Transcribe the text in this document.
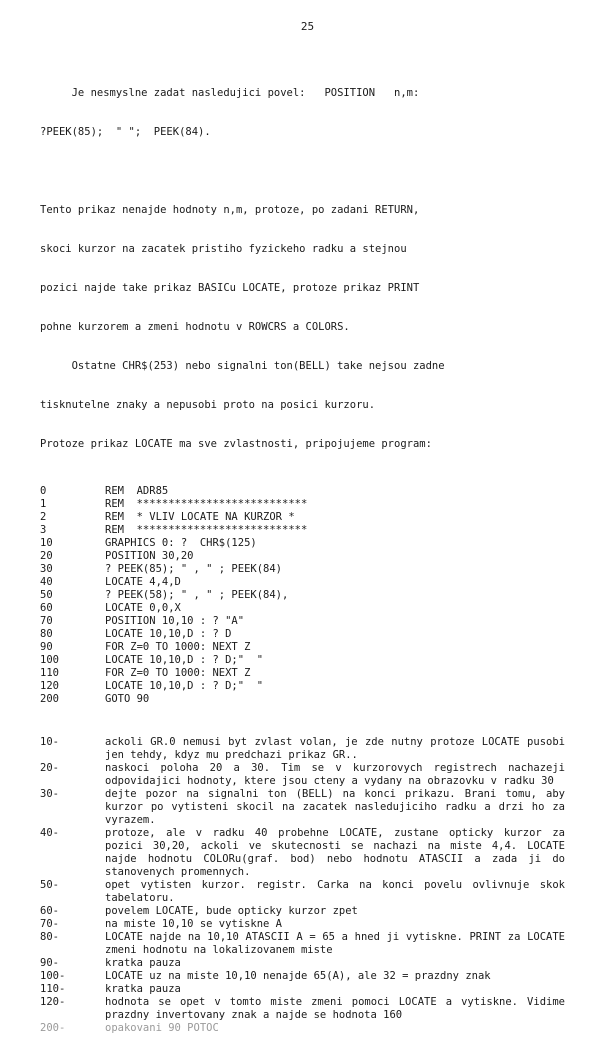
25

Je nesmyslne zadat nasledujici povel:   POSITION   n,m:

?PEEK(85);  " ";  PEEK(84).

Tento prikaz nenajde hodnoty n,m, protoze, po zadani RETURN,

skoci kurzor na zacatek pristiho fyzickeho radku a stejnou

pozici najde take prikaz BASICu LOCATE, protoze prikaz PRINT

pohne kurzorem a zmeni hodnotu v ROWCRS a COLORS.

Ostatne CHR$(253) nebo signalni ton(BELL) take nejsou zadne

tisknutelne znaky a nepusobi proto na posici kurzoru.

Protoze prikaz LOCATE ma sve zvlastnosti, pripojujeme program:

0	REM  ADR85
1	REM  ***************************
2	REM  * VLIV LOCATE NA KURZOR *
3	REM  ***************************
10	GRAPHICS 0: ?  CHR$(125)
20	POSITION 30,20
30	? PEEK(85); " , " ; PEEK(84)
40	LOCATE 4,4,D
50	? PEEK(58); " , " ; PEEK(84),
60	LOCATE 0,0,X
70	POSITION 10,10 : ? "A"
80	LOCATE 10,10,D : ? D
90	FOR Z=0 TO 1000: NEXT Z
100	LOCATE 10,10,D : ? D;"  "
110	FOR Z=0 TO 1000: NEXT Z
120	LOCATE 10,10,D : ? D;"  "
200	GOTO 90
10-	ackoli GR.0 nemusi byt zvlast volan, je zde nutny protoze LOCATE pusobi jen tehdy, kdyz mu predchazi prikaz GR..
20-	naskoci poloha 20 a 30. Tim se v kurzorovych registrech nachazeji odpovidajici hodnoty, ktere jsou cteny a vydany na obrazovku v radku 30
30-	dejte pozor na signalni ton (BELL) na konci prikazu. Brani tomu, aby kurzor po vytisteni skocil na zacatek nasledujiciho radku a drzi ho za vyrazem.
40-	protoze, ale v radku 40 probehne LOCATE, zustane opticky kurzor za pozici 30,20, ackoli ve skutecnosti se nachazi na miste 4,4. LOCATE najde hodnotu COLORu(graf. bod) nebo hodnotu ATASCII a zada ji do stanovenych promennych.
50-	opet vytisten kurzor. registr. Carka na konci povelu ovlivnuje skok tabelatoru.
60-	povelem LOCATE, bude opticky kurzor zpet
70-	na miste 10,10 se vytiskne A
80-	LOCATE najde na 10,10 ATASCII A = 65 a hned ji vytiskne. PRINT za LOCATE zmeni hodnotu na lokalizovanem miste
90-	kratka pauza
100-	LOCATE uz na miste 10,10 nenajde 65(A), ale 32 = prazdny znak
110-	kratka pauza
120-	hodnota se opet v tomto miste zmeni pomoci LOCATE a vytiskne. Vidime prazdny invertovany znak a najde se hodnota 160
200-	opakovani 90 POTOC
